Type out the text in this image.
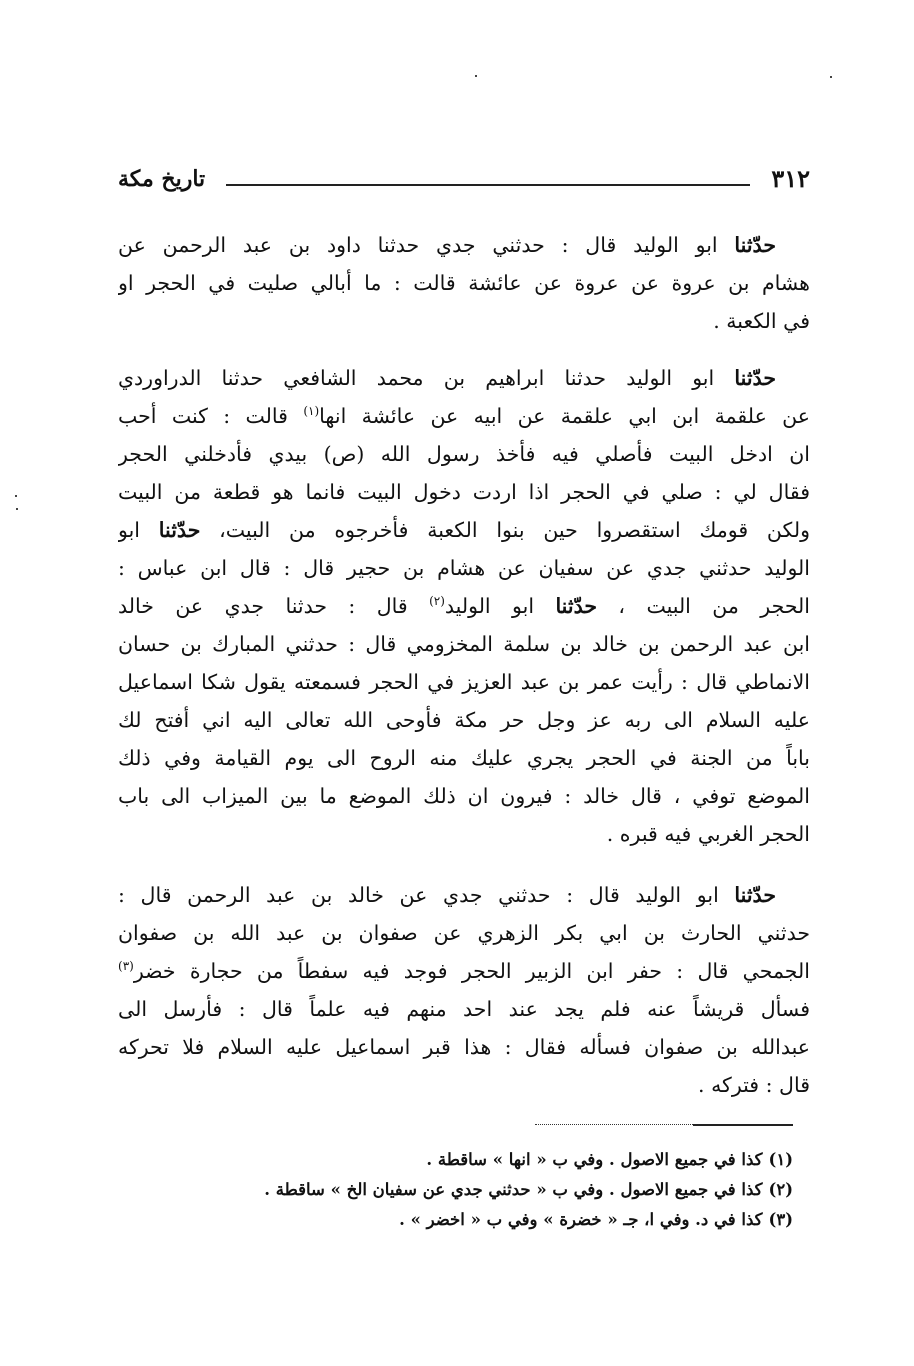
٣١٢
تاريخ مكة
حدّثنا ابو الوليد قال : حدثني جدي حدثنا داود بن عبد الرحمن عن
هشام بن عروة عن عروة عن عائشة قالت : ما أبالي صليت في الحجر او
في الكعبة .
حدّثنا ابو الوليد حدثنا ابراهيم بن محمد الشافعي حدثنا الدراوردي
عن علقمة ابن ابي علقمة عن ابيه عن عائشة انها$^{(١)}$ قالت : كنت أحب
ان ادخل البيت فأصلي فيه فأخذ رسول الله (ص) بيدي فأدخلني الحجر
فقال لي : صلي في الحجر اذا اردت دخول البيت فانما هو قطعة من البيت
ولكن قومك استقصروا حين بنوا الكعبة فأخرجوه من البيت، حدّثنا ابو
الوليد حدثني جدي عن سفيان عن هشام بن حجير قال : قال ابن عباس :
الحجر من البيت ، حدّثنا ابو الوليد$^{(٢)}$ قال : حدثنا جدي عن خالد
ابن عبد الرحمن بن خالد بن سلمة المخزومي قال : حدثني المبارك بن حسان
الانماطي قال : رأيت عمر بن عبد العزيز في الحجر فسمعته يقول شكا اسماعيل
عليه السلام الى ربه عز وجل حر مكة فأوحى الله تعالى اليه اني أفتح لك
باباً من الجنة في الحجر يجري عليك منه الروح الى يوم القيامة وفي ذلك
الموضع توفي ، قال خالد : فيرون ان ذلك الموضع ما بين الميزاب الى باب
الحجر الغربي فيه قبره .
حدّثنا ابو الوليد قال : حدثني جدي عن خالد بن عبد الرحمن قال :
حدثني الحارث بن ابي بكر الزهري عن صفوان بن عبد الله بن صفوان
الجمحي قال : حفر ابن الزبير الحجر فوجد فيه سفطاً من حجارة خضر$^{(٣)}$
فسأل قريشاً عنه فلم يجد عند احد منهم فيه علماً قال : فأرسل الى
عبدالله بن صفوان فسأله فقال : هذا قبر اسماعيل عليه السلام فلا تحركه
قال : فتركه .
(١)كذا في جميع الاصول . وفي ب « انها » ساقطة .
(٢)كذا في جميع الاصول . وفي ب « حدثني جدي عن سفيان الخ » ساقطة .
(٣)كذا في د. وفي ا، جـ « خضرة » وفي ب « اخضر » .
